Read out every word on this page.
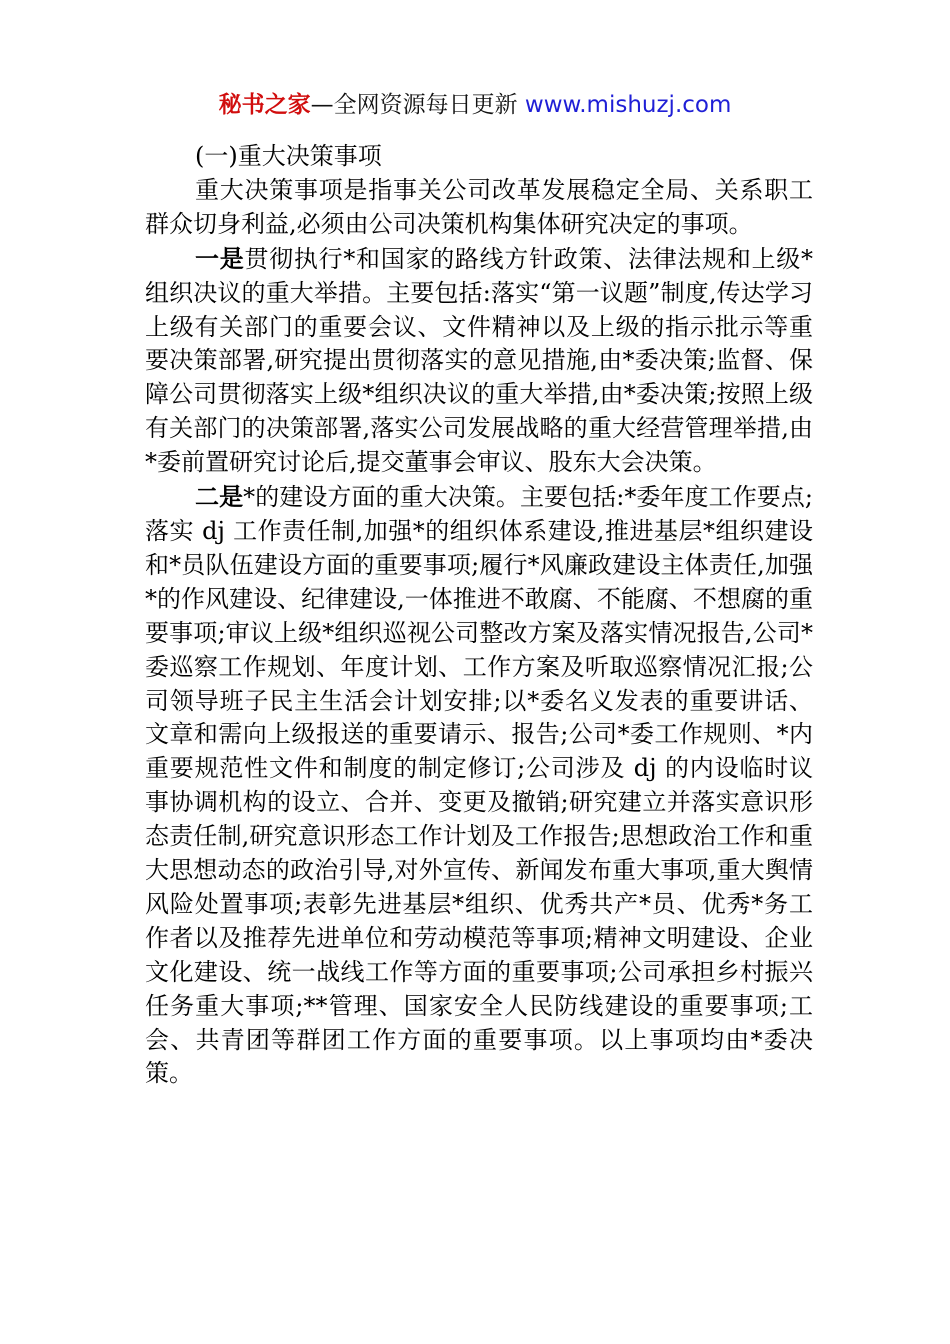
秘书之家—全网资源每日更新 www.mishuzj.com

(一)重大决策事项

重大决策事项是指事关公司改革发展稳定全局、关系职工群众切身利益,必须由公司决策机构集体研究决定的事项。

一是贯彻执行*和国家的路线方针政策、法律法规和上级*组织决议的重大举措。主要包括:落实“第一议题”制度,传达学习上级有关部门的重要会议、文件精神以及上级的指示批示等重要决策部署,研究提出贯彻落实的意见措施,由*委决策;监督、保障公司贯彻落实上级*组织决议的重大举措,由*委决策;按照上级有关部门的决策部署,落实公司发展战略的重大经营管理举措,由*委前置研究讨论后,提交董事会审议、股东大会决策。

二是*的建设方面的重大决策。主要包括:*委年度工作要点;落实 dj 工作责任制,加强*的组织体系建设,推进基层*组织建设和*员队伍建设方面的重要事项;履行*风廉政建设主体责任,加强*的作风建设、纪律建设,一体推进不敢腐、不能腐、不想腐的重要事项;审议上级*组织巡视公司整改方案及落实情况报告,公司*委巡察工作规划、年度计划、工作方案及听取巡察情况汇报;公司领导班子民主生活会计划安排;以*委名义发表的重要讲话、文章和需向上级报送的重要请示、报告;公司*委工作规则、*内重要规范性文件和制度的制定修订;公司涉及 dj 的内设临时议事协调机构的设立、合并、变更及撤销;研究建立并落实意识形态责任制,研究意识形态工作计划及工作报告;思想政治工作和重大思想动态的政治引导,对外宣传、新闻发布重大事项,重大舆情风险处置事项;表彰先进基层*组织、优秀共产*员、优秀*务工作者以及推荐先进单位和劳动模范等事项;精神文明建设、企业文化建设、统一战线工作等方面的重要事项;公司承担乡村振兴任务重大事项;**管理、国家安全人民防线建设的重要事项;工会、共青团等群团工作方面的重要事项。以上事项均由*委决策。
